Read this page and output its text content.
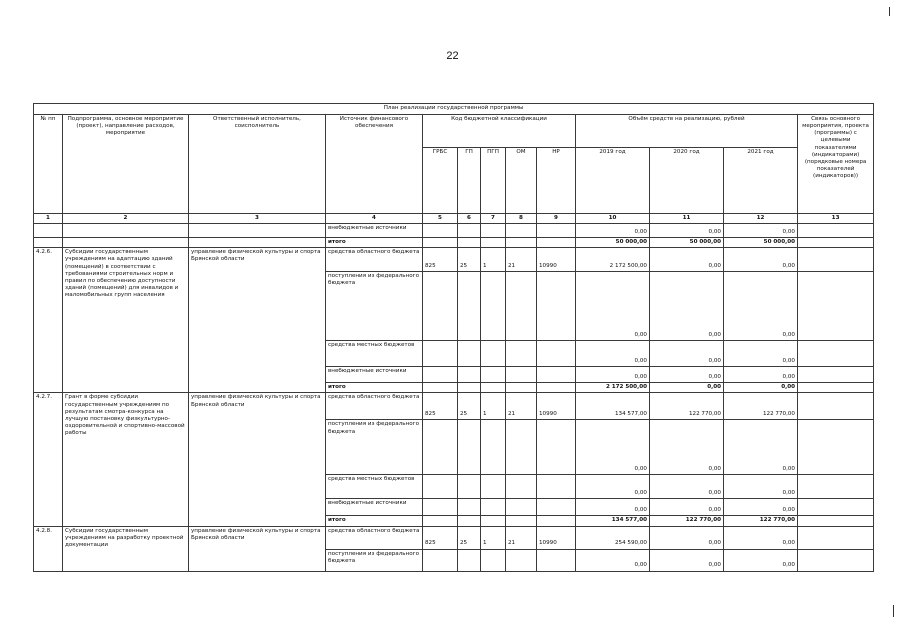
22
План реализации государственной программы												
№ пп	Подпрограмма, основное мероприятие (проект), направление расходов, мероприятие	Ответственный исполнитель, соисполнитель	Источник финансового обеспечения	Код бюджетной классификации					Объём средств на реализацию, рублей			Связь основного мероприятия, проекта (программы) с целевыми показателями (индикаторами) (порядковые номера показателей (индикаторов))
				ГРБС	ГП	ПГП	ОМ	НР	2019 год	2020 год	2021 год	
1	2	3	4	5	6	7	8	9	10	11	12	13
			внебюджетные источники						0,00	0,00	0,00	
			итого						50 000,00	50 000,00	50 000,00	
4.2.6.	Субсидии государственным учреждениям на адаптацию зданий (помещений) в соответствии с требованиями строительных норм и правил по обеспечению доступности зданий (помещений) для инвалидов и маломобильных групп населения	управление физической культуры и спорта Брянской области	средства областного бюджета	825	25	1	21	10990	2 172 500,00	0,00	0,00	
			поступления из федерального бюджета						0,00	0,00	0,00	
			средства местных бюджетов						0,00	0,00	0,00	
			внебюджетные источники						0,00	0,00	0,00	
			итого						2 172 500,00	0,00	0,00	
4.2.7.	Грант в форме субсидии государственным учреждениям по результатам смотра-конкурса на лучшую постановку физкультурно-оздоровительной и спортивно-массовой работы	управление физической культуры и спорта Брянской области	средства областного бюджета	825	25	1	21	10990	134 577,00	122 770,00	122 770,00	
			поступления из федерального бюджета						0,00	0,00	0,00	
			средства местных бюджетов						0,00	0,00	0,00	
			внебюджетные источники						0,00	0,00	0,00	
			итого						134 577,00	122 770,00	122 770,00	
4.2.8.	Субсидии государственным учреждениям на разработку проектной документации	управление физической культуры и спорта Брянской области	средства областного бюджета	825	25	1	21	10990	254 590,00	0,00	0,00	
			поступления из федерального бюджета						0,00	0,00	0,00	
